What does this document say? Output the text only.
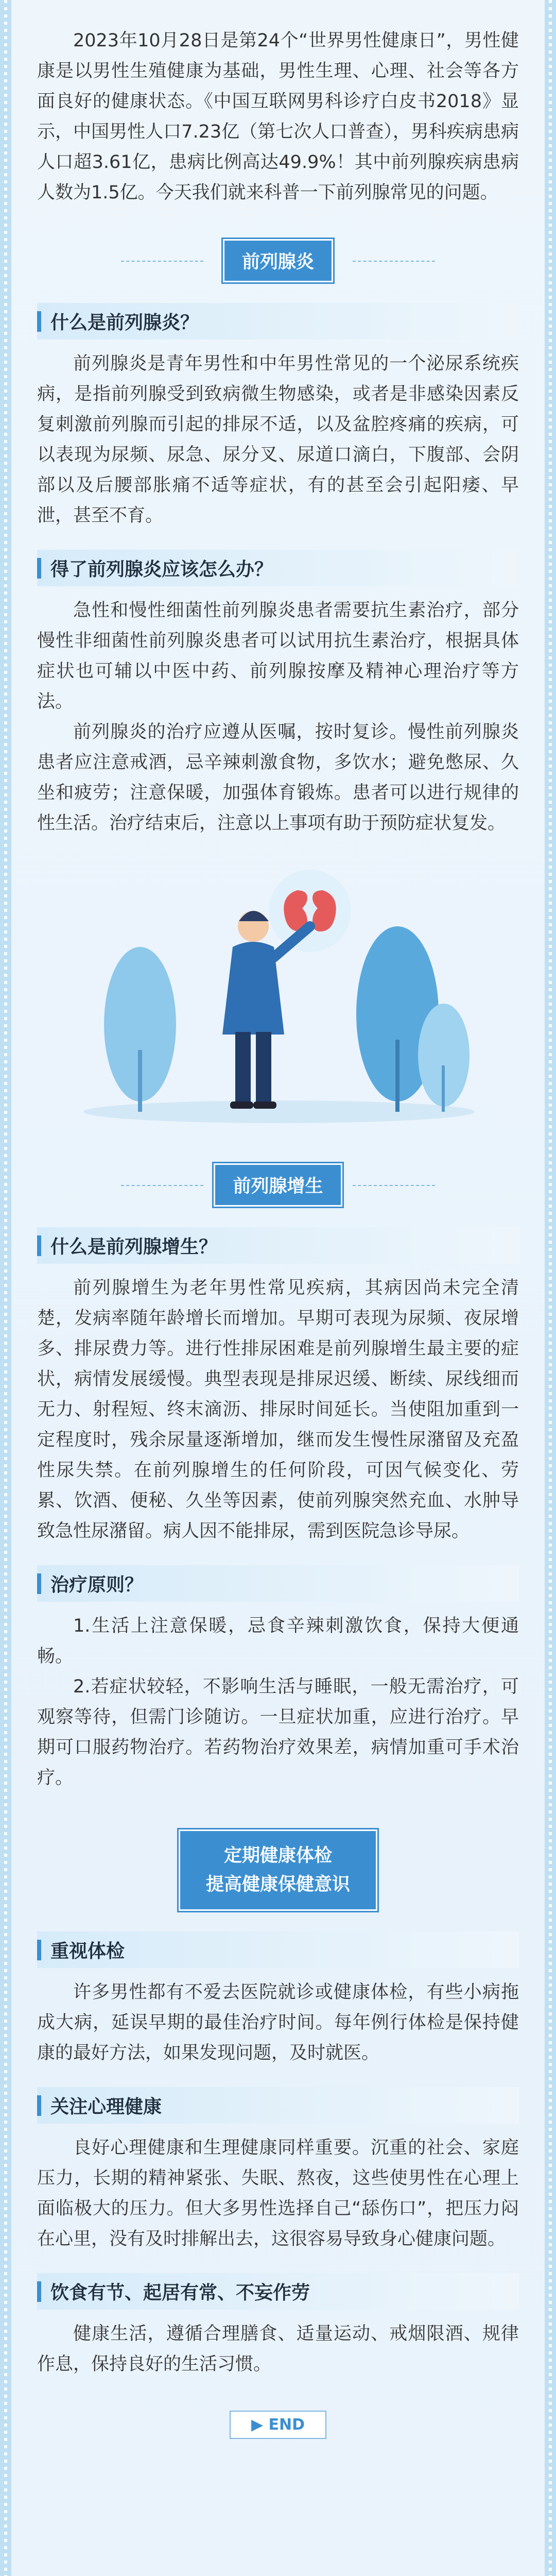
2023年10月28日是第24个“世界男性健康日”，男性健康是以男性生殖健康为基础，男性生理、心理、社会等各方面良好的健康状态。《中国互联网男科诊疗白皮书2018》显示，中国男性人口7.23亿（第七次人口普查），男科疾病患病人口超3.61亿，患病比例高达49.9%！其中前列腺疾病患病人数为1.5亿。今天我们就来科普一下前列腺常见的问题。

前列腺炎
什么是前列腺炎？

前列腺炎是青年男性和中年男性常见的一个泌尿系统疾病，是指前列腺受到致病微生物感染，或者是非感染因素反复刺激前列腺而引起的排尿不适，以及盆腔疼痛的疾病，可以表现为尿频、尿急、尿分叉、尿道口滴白，下腹部、会阴部以及后腰部胀痛不适等症状，有的甚至会引起阳痿、早泄，甚至不育。

得了前列腺炎应该怎么办？

急性和慢性细菌性前列腺炎患者需要抗生素治疗，部分慢性非细菌性前列腺炎患者可以试用抗生素治疗，根据具体症状也可辅以中医中药、前列腺按摩及精神心理治疗等方法。

前列腺炎的治疗应遵从医嘱，按时复诊。慢性前列腺炎患者应注意戒酒，忌辛辣刺激食物，多饮水；避免憋尿、久坐和疲劳；注意保暖，加强体育锻炼。患者可以进行规律的性生活。治疗结束后，注意以上事项有助于预防症状复发。

前列腺增生
什么是前列腺增生？

前列腺增生为老年男性常见疾病，其病因尚未完全清楚，发病率随年龄增长而增加。早期可表现为尿频、夜尿增多、排尿费力等。进行性排尿困难是前列腺增生最主要的症状，病情发展缓慢。典型表现是排尿迟缓、断续、尿线细而无力、射程短、终末滴沥、排尿时间延长。当使阻加重到一定程度时，残余尿量逐渐增加，继而发生慢性尿潴留及充盈性尿失禁。在前列腺增生的任何阶段，可因气候变化、劳累、饮酒、便秘、久坐等因素，使前列腺突然充血、水肿导致急性尿潴留。病人因不能排尿，需到医院急诊导尿。

治疗原则？

1.生活上注意保暖，忌食辛辣刺激饮食，保持大便通畅。

2.若症状较轻，不影响生活与睡眠，一般无需治疗，可观察等待，但需门诊随访。一旦症状加重，应进行治疗。早期可口服药物治疗。若药物治疗效果差，病情加重可手术治疗。

定期健康体检
提高健康保健意识
重视体检

许多男性都有不爱去医院就诊或健康体检，有些小病拖成大病，延误早期的最佳治疗时间。每年例行体检是保持健康的最好方法，如果发现问题，及时就医。

关注心理健康

良好心理健康和生理健康同样重要。沉重的社会、家庭压力，长期的精神紧张、失眠、熬夜，这些使男性在心理上面临极大的压力。但大多男性选择自己“舔伤口”，把压力闷在心里，没有及时排解出去，这很容易导致身心健康问题。

饮食有节、起居有常、不妄作劳

健康生活，遵循合理膳食、适量运动、戒烟限酒、规律作息，保持良好的生活习惯。

▶ END
